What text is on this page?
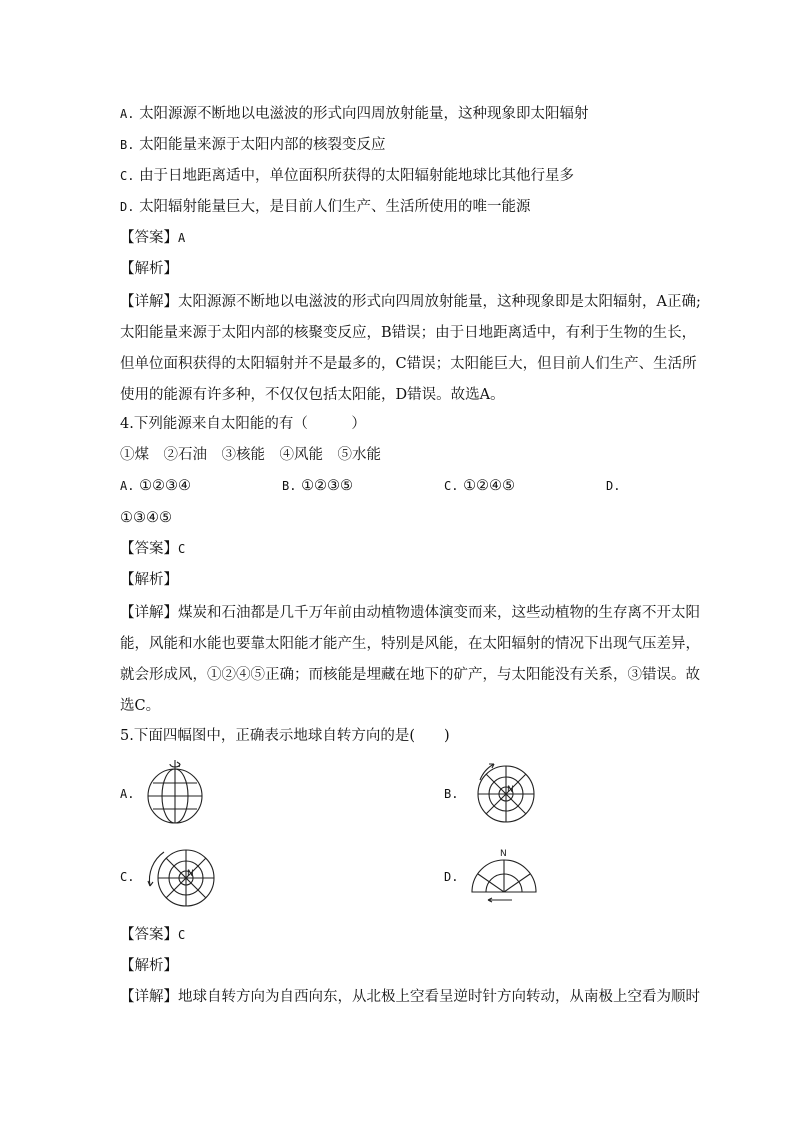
A. 太阳源源不断地以电滋波的形式向四周放射能量，这种现象即太阳辐射
B. 太阳能量来源于太阳内部的核裂变反应
C. 由于日地距离适中，单位面积所获得的太阳辐射能地球比其他行星多
D. 太阳辐射能量巨大，是目前人们生产、生活所使用的唯一能源
【答案】A
【解析】
【详解】太阳源源不断地以电滋波的形式向四周放射能量，这种现象即是太阳辐射，A正确;
太阳能量来源于太阳内部的核聚变反应，B错误；由于日地距离适中，有利于生物的生长，
但单位面积获得的太阳辐射并不是最多的，C错误；太阳能巨大，但目前人们生产、生活所
使用的能源有许多种，不仅仅包括太阳能，D错误。故选A。
4.下列能源来自太阳能的有（　　　）
①煤　②石油　③核能　④风能　⑤水能
A. ①②③④	B. ①②③⑤	C. ①②④⑤	D.
①③④⑤
【答案】C
【解析】
【详解】煤炭和石油都是几千万年前由动植物遗体演变而来，这些动植物的生存离不开太阳
能，风能和水能也要靠太阳能才能产生，特别是风能，在太阳辐射的情况下出现气压差异，
就会形成风，①②④⑤正确；而核能是埋藏在地下的矿产，与太阳能没有关系，③错误。故
选C。
5.下面四幅图中，正确表示地球自转方向的是(　　)
A.	B.	N
C.	N	D.
N
【答案】C
【解析】
【详解】地球自转方向为自西向东，从北极上空看呈逆时针方向转动，从南极上空看为顺时
